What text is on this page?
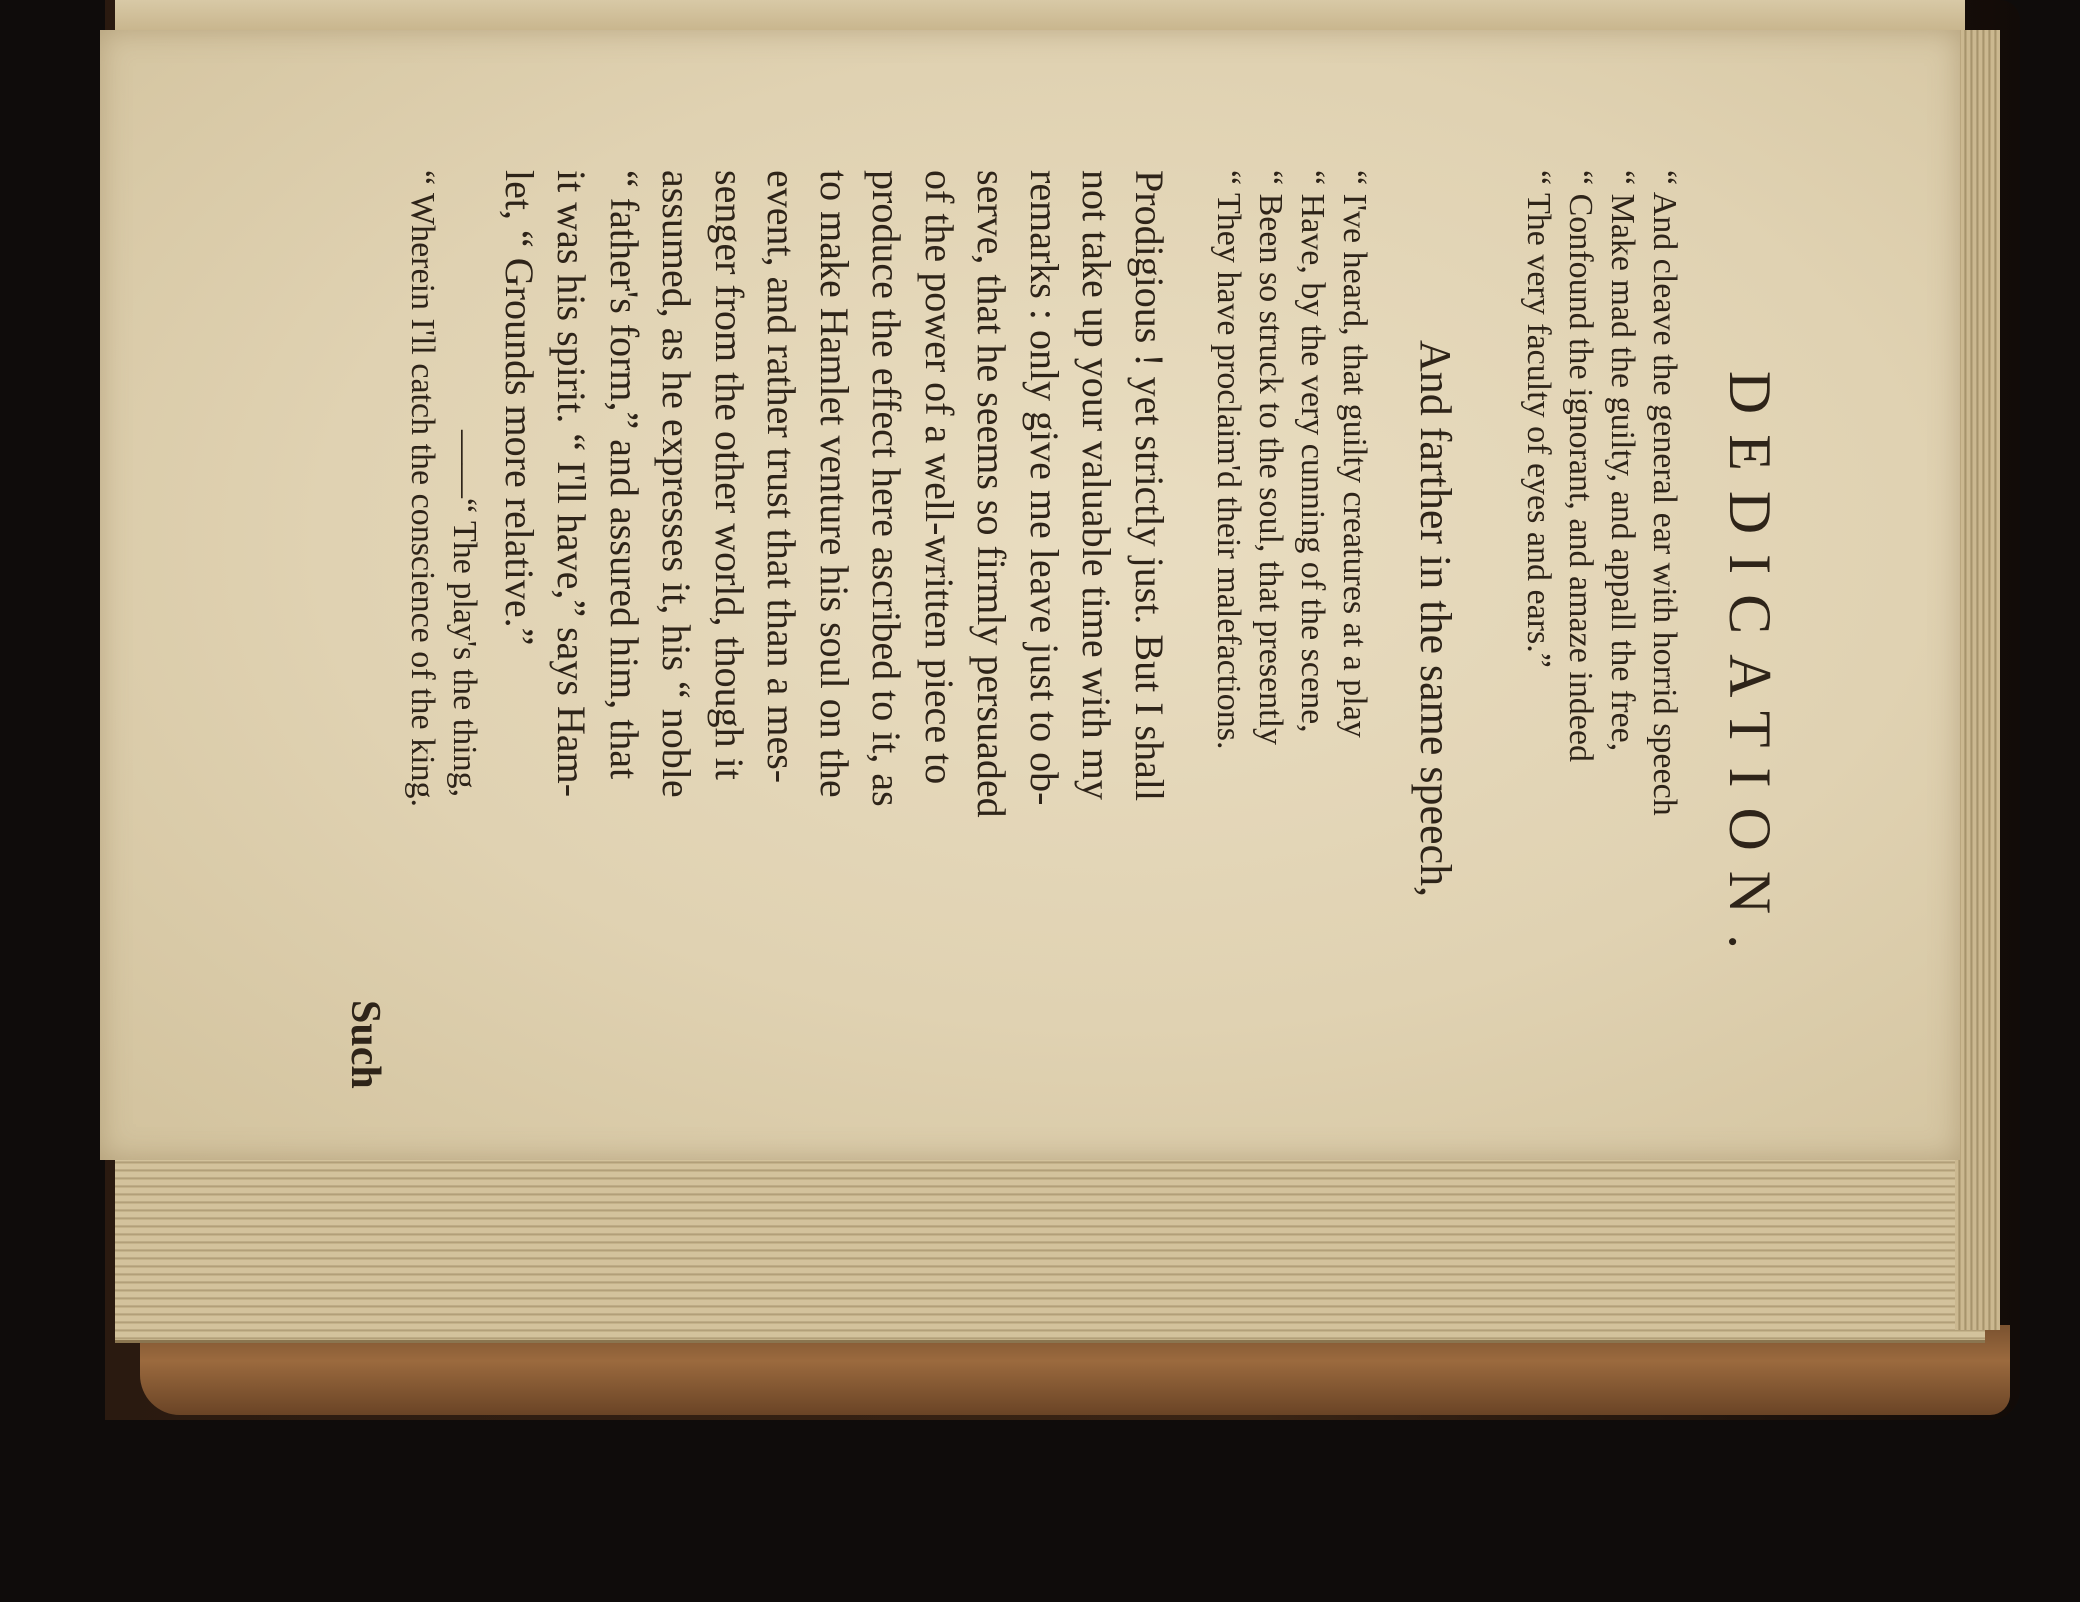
DEDICATION.
“ And cleave the general ear with horrid speech
“ Make mad the guilty, and appall the free,
“ Confound the ignorant, and amaze indeed
“ The very faculty of eyes and ears.”
And farther in the same speech,
“ I've heard, that guilty creatures at a play
“ Have, by the very cunning of the scene,
“ Been so struck to the soul, that presently
“ They have proclaim'd their malefactions.
Prodigious ! yet strictly just. But I shall
not take up your valuable time with my
remarks : only give me leave just to ob-
serve, that he seems so firmly persuaded
of the power of a well-written piece to
produce the effect here ascribed to it, as
to make Hamlet venture his soul on the
event, and rather trust that than a mes-
senger from the other world, though it
assumed, as he expresses it, his “ noble
“ father's form,” and assured him, that
it was his spirit. “ I'll have,” says Ham-
let, “ Grounds more relative.”
——“ The play's the thing,
“ Wherein I'll catch the conscience of the king.
Such
